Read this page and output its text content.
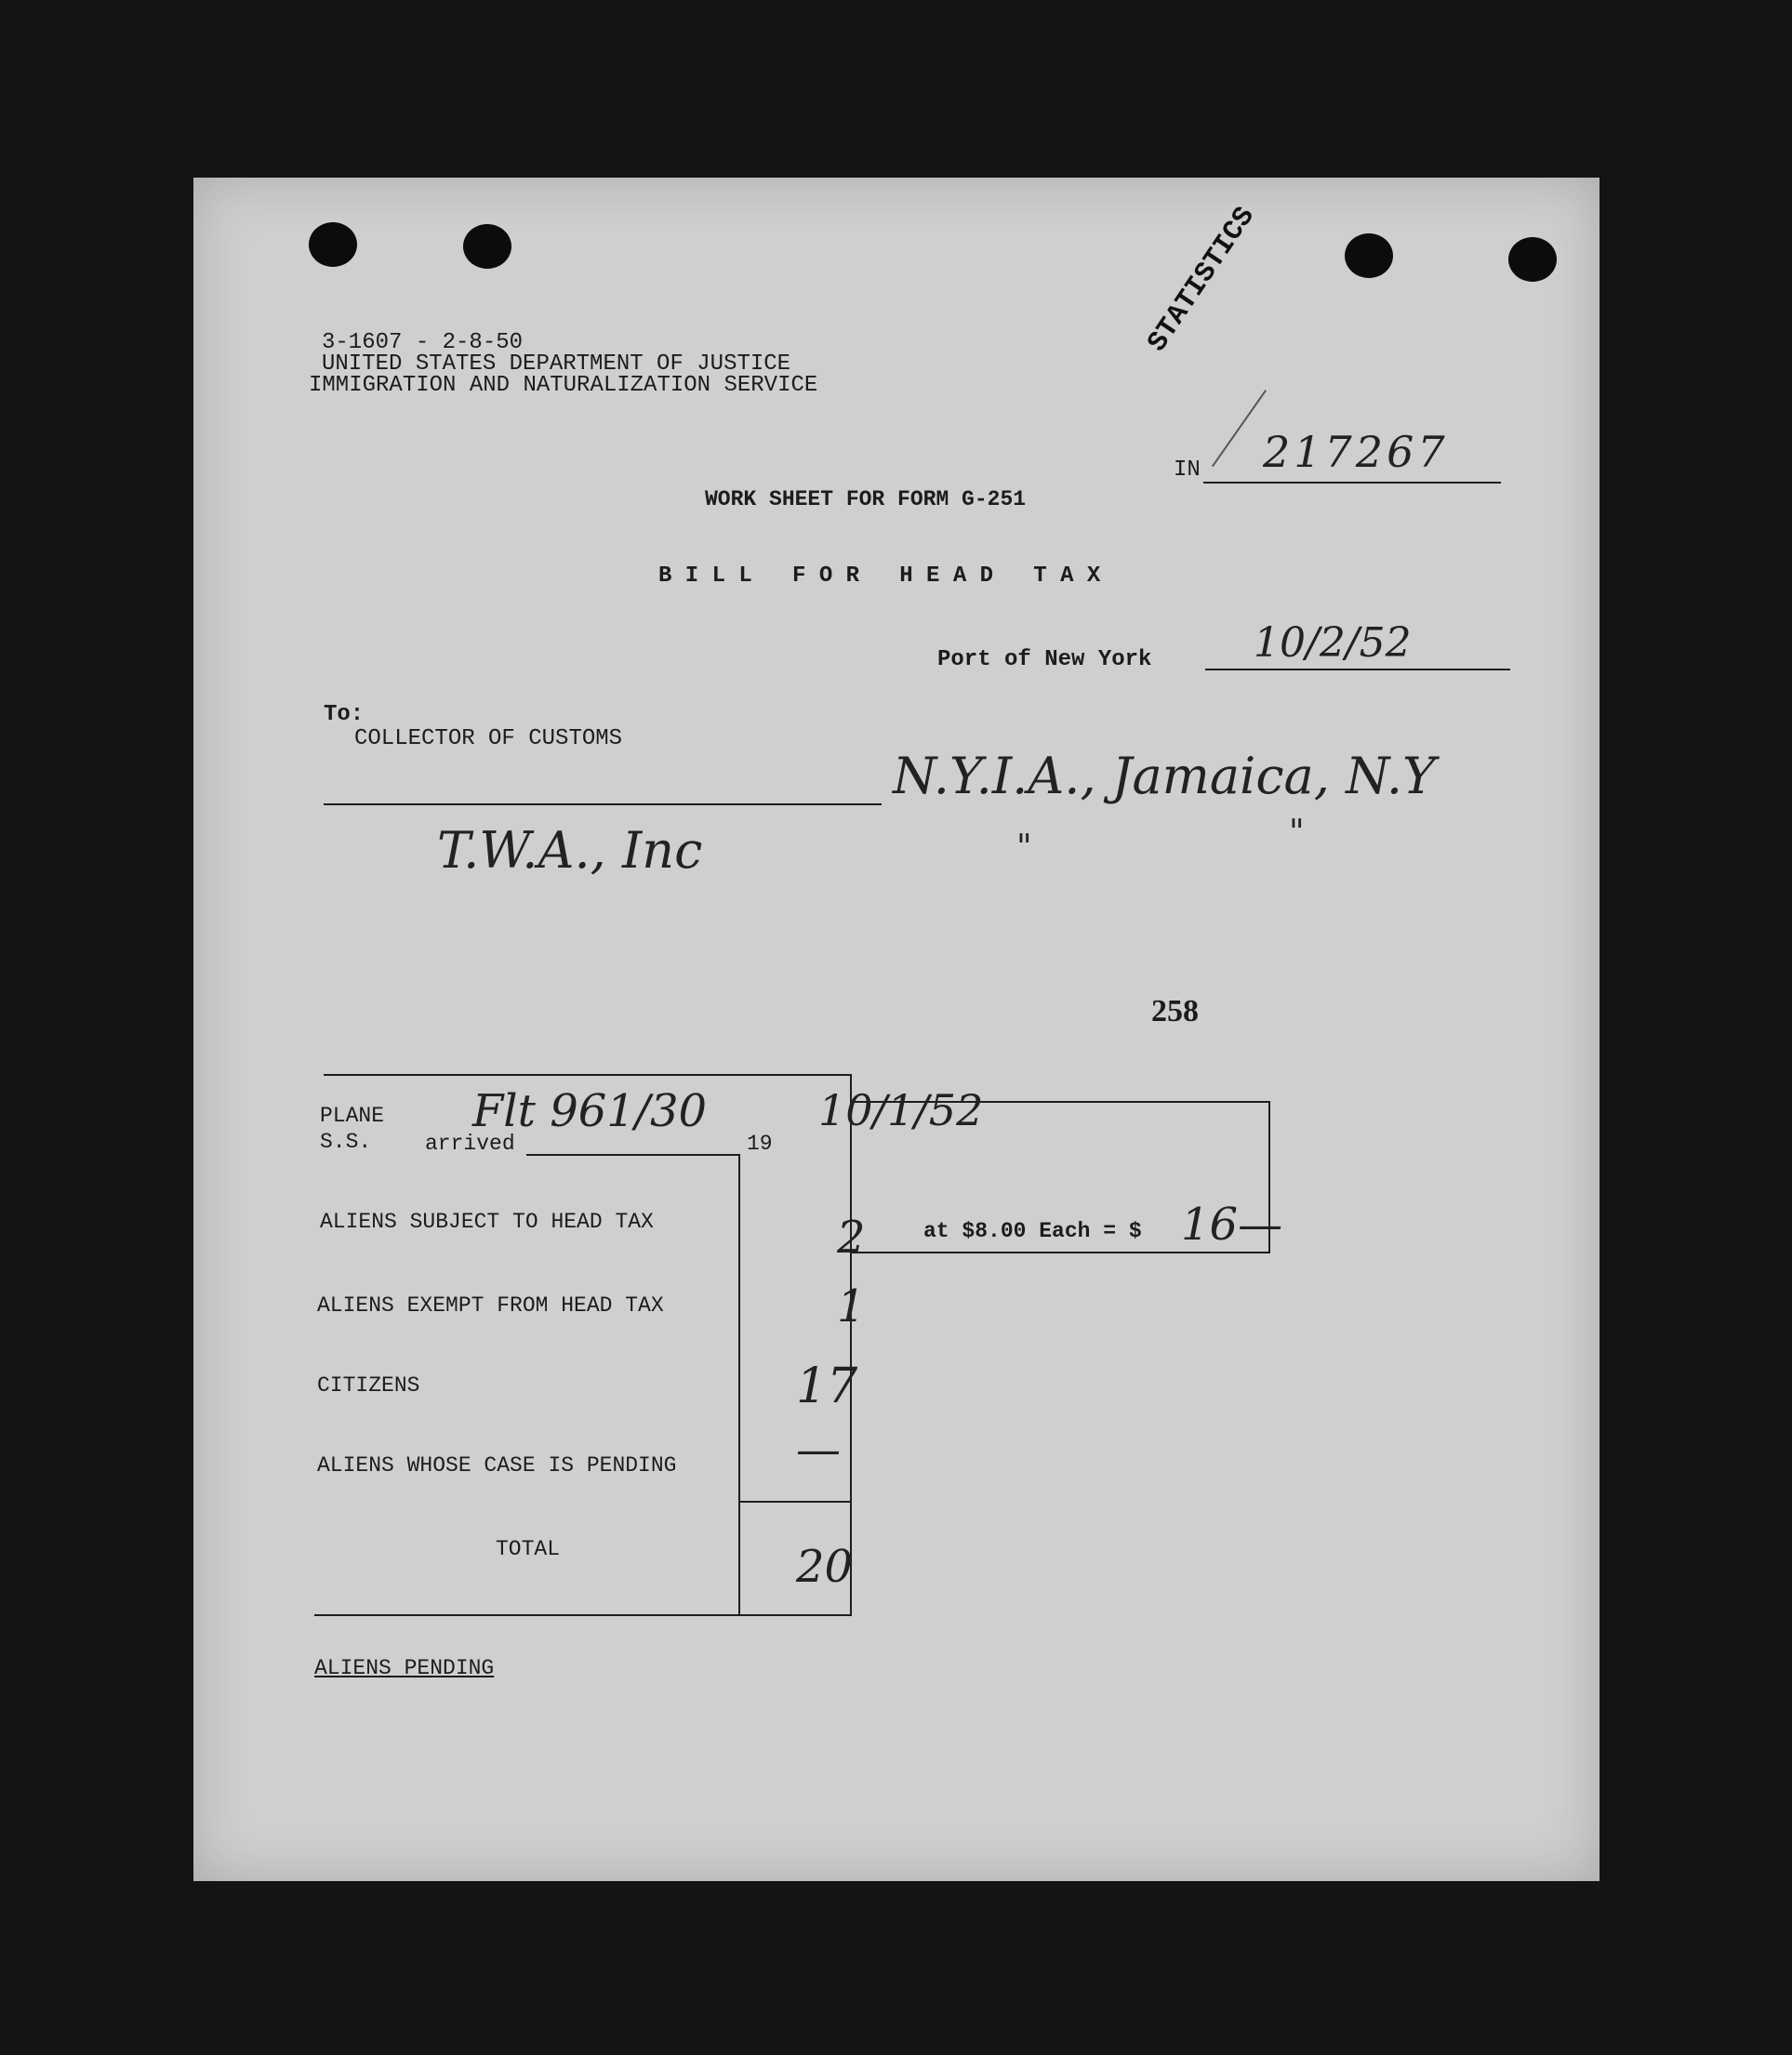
3-1607 - 2-8-50
UNITED STATES DEPARTMENT OF JUSTICE
IMMIGRATION AND NATURALIZATION SERVICE
STATISTICS
IN 217267
WORK SHEET FOR FORM G-251
B I L L   F O R   H E A D   T A X
Port of New York 10/2/52
To:
COLLECTOR OF CUSTOMS
N.Y.I.A., Jamaica, N.Y
T.W.A., Inc	"	"
258
PLANE
S.S.	arrived
Flt 961/30
19
10/1/52
ALIENS SUBJECT TO HEAD TAX	2
ALIENS EXEMPT FROM HEAD TAX	1
CITIZENS	17
ALIENS WHOSE CASE IS PENDING	—
TOTAL	20
at $8.00 Each = $ 16—
ALIENS PENDING
